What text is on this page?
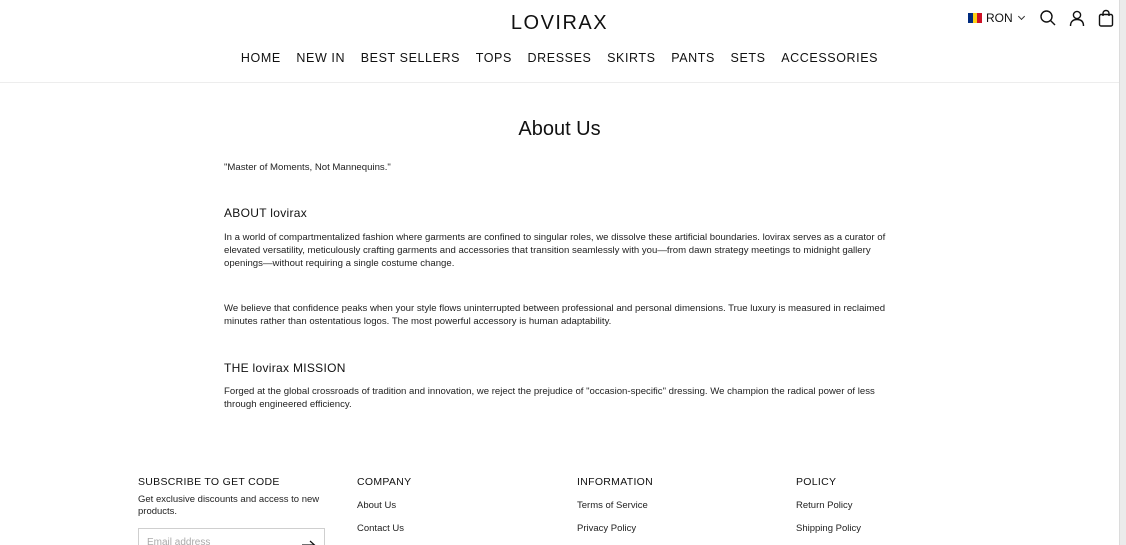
LOVIRAX	RON
HOME NEW IN BEST SELLERS TOPS DRESSES SKIRTS PANTS SETS ACCESSORIES
About Us
"Master of Moments, Not Mannequins."
ABOUT lovirax
In a world of compartmentalized fashion where garments are confined to singular roles, we dissolve these artificial boundaries. lovirax serves as a curator of elevated versatility, meticulously crafting garments and accessories that transition seamlessly with you—from dawn strategy meetings to midnight gallery openings—without requiring a single costume change.
We believe that confidence peaks when your style flows uninterrupted between professional and personal dimensions. True luxury is measured in reclaimed minutes rather than ostentatious logos. The most powerful accessory is human adaptability.
THE lovirax MISSION
Forged at the global crossroads of tradition and innovation, we reject the prejudice of "occasion-specific" dressing. We champion the radical power of less through engineered efficiency.
SUBSCRIBE TO GET CODE
Get exclusive discounts and access to new products.
Email address
COMPANY
About Us
Contact Us
INFORMATION
Terms of Service
Privacy Policy
POLICY
Return Policy
Shipping Policy
